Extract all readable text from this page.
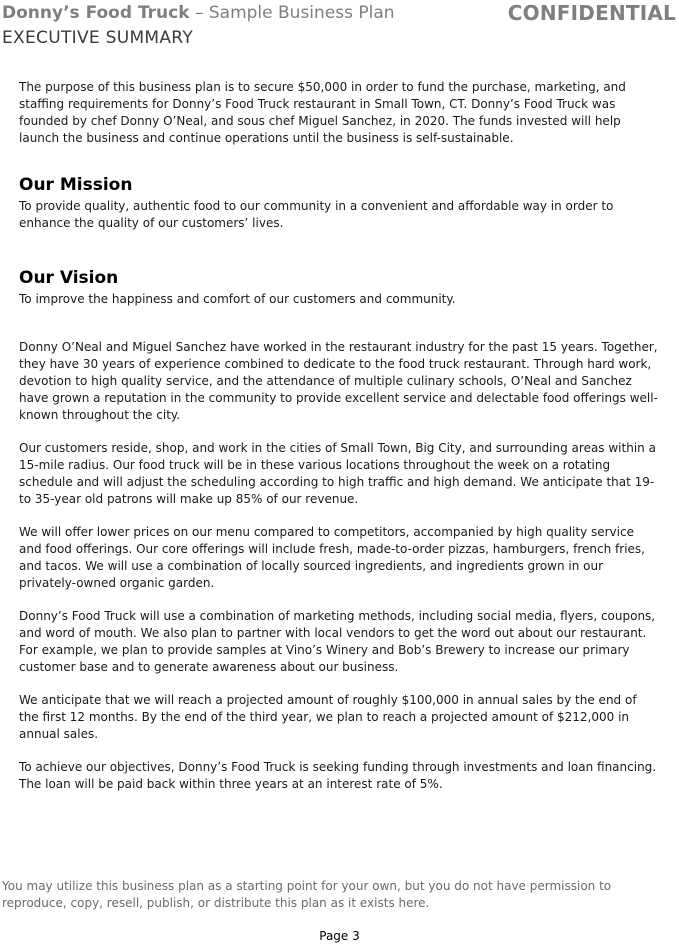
Donny’s Food Truck – Sample Business Plan	CONFIDENTIAL
EXECUTIVE SUMMARY

The purpose of this business plan is to secure $50,000 in order to fund the purchase, marketing, and staffing requirements for Donny’s Food Truck restaurant in Small Town, CT. Donny’s Food Truck was founded by chef Donny O’Neal, and sous chef Miguel Sanchez, in 2020. The funds invested will help launch the business and continue operations until the business is self-sustainable.

Our Mission

To provide quality, authentic food to our community in a convenient and affordable way in order to enhance the quality of our customers’ lives.

Our Vision

To improve the happiness and comfort of our customers and community.

Donny O’Neal and Miguel Sanchez have worked in the restaurant industry for the past 15 years. Together, they have 30 years of experience combined to dedicate to the food truck restaurant. Through hard work, devotion to high quality service, and the attendance of multiple culinary schools, O’Neal and Sanchez have grown a reputation in the community to provide excellent service and delectable food offerings well-known throughout the city.

Our customers reside, shop, and work in the cities of Small Town, Big City, and surrounding areas within a 15-mile radius. Our food truck will be in these various locations throughout the week on a rotating schedule and will adjust the scheduling according to high traffic and high demand. We anticipate that 19- to 35-year old patrons will make up 85% of our revenue.

We will offer lower prices on our menu compared to competitors, accompanied by high quality service and food offerings. Our core offerings will include fresh, made-to-order pizzas, hamburgers, french fries, and tacos. We will use a combination of locally sourced ingredients, and ingredients grown in our privately-owned organic garden.

Donny’s Food Truck will use a combination of marketing methods, including social media, flyers, coupons, and word of mouth. We also plan to partner with local vendors to get the word out about our restaurant. For example, we plan to provide samples at Vino’s Winery and Bob’s Brewery to increase our primary customer base and to generate awareness about our business.

We anticipate that we will reach a projected amount of roughly $100,000 in annual sales by the end of the first 12 months. By the end of the third year, we plan to reach a projected amount of $212,000 in annual sales.

To achieve our objectives, Donny’s Food Truck is seeking funding through investments and loan financing. The loan will be paid back within three years at an interest rate of 5%.

You may utilize this business plan as a starting point for your own, but you do not have permission to reproduce, copy, resell, publish, or distribute this plan as it exists here.
Page 3
